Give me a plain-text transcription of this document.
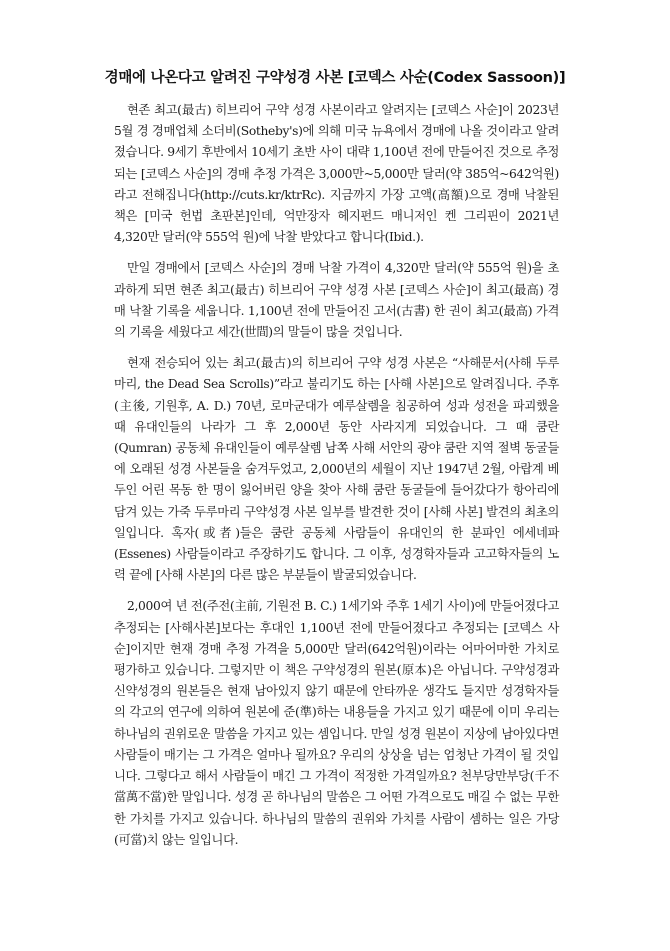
경매에 나온다고 알려진 구약성경 사본 [코덱스 사순(Codex Sassoon)]

현존 최고(最古) 히브리어 구약 성경 사본이라고 알려지는 [코덱스 사순]이 2023년 5월 경 경매업체 소더비(Sotheby's)에 의해 미국 뉴욕에서 경매에 나올 것이라고 알려졌습니다. 9세기 후반에서 10세기 초반 사이 대략 1,100년 전에 만들어진 것으로 추정되는 [코덱스 사순]의 경매 추정 가격은 3,000만~5,000만 달러(약 385억~642억원)라고 전해집니다(http://cuts.kr/ktrRc). 지금까지 가장 고액(高額)으로 경매 낙찰된 책은 [미국 헌법 초판본]인데, 억만장자 헤지펀드 매니저인 켄 그리핀이 2021년 4,320만 달러(약 555억 원)에 낙찰 받았다고 합니다(Ibid.).

만일 경매에서 [코덱스 사순]의 경매 낙찰 가격이 4,320만 달러(약 555억 원)을 초과하게 되면 현존 최고(最古) 히브리어 구약 성경 사본 [코덱스 사순]이 최고(最高) 경매 낙찰 기록을 세웁니다. 1,100년 전에 만들어진 고서(古書) 한 권이 최고(最高) 가격의 기록을 세웠다고 세간(世間)의 말들이 많을 것입니다.

현재 전승되어 있는 최고(最古)의 히브리어 구약 성경 사본은 “사해문서(사해 두루마리, the Dead Sea Scrolls)”라고 불리기도 하는 [사해 사본]으로 알려집니다. 주후(主後, 기원후, A. D.) 70년, 로마군대가 예루살렘을 침공하여 성과 성전을 파괴했을 때 유대인들의 나라가 그 후 2,000년 동안 사라지게 되었습니다. 그 때 쿰란(Qumran) 공동체 유대인들이 예루살렘 남쪽 사해 서안의 광야 쿰란 지역 절벽 동굴들에 오래된 성경 사본들을 숨겨두었고, 2,000년의 세월이 지난 1947년 2월, 아랍계 베두인 어린 목동 한 명이 잃어버린 양을 찾아 사해 쿰란 동굴들에 들어갔다가 항아리에 담겨 있는 가죽 두루마리 구약성경 사본 일부를 발견한 것이 [사해 사본] 발견의 최초의 일입니다. 혹자(或者)들은 쿰란 공동체 사람들이 유대인의 한 분파인 에세네파(Essenes) 사람들이라고 주장하기도 합니다. 그 이후, 성경학자들과 고고학자들의 노력 끝에 [사해 사본]의 다른 많은 부분들이 발굴되었습니다.

2,000여 년 전(주전(主前, 기원전 B. C.) 1세기와 주후 1세기 사이)에 만들어졌다고 추정되는 [사해사본]보다는 후대인 1,100년 전에 만들어졌다고 추정되는 [코덱스 사순]이지만 현재 경매 추정 가격을 5,000만 달러(642억원)이라는 어마어마한 가치로 평가하고 있습니다. 그렇지만 이 책은 구약성경의 원본(原本)은 아닙니다. 구약성경과 신약성경의 원본들은 현재 남아있지 않기 때문에 안타까운 생각도 들지만 성경학자들의 각고의 연구에 의하여 원본에 준(準)하는 내용들을 가지고 있기 때문에 이미 우리는 하나님의 권위로운 말씀을 가지고 있는 셈입니다. 만일 성경 원본이 지상에 남아있다면 사람들이 매기는 그 가격은 얼마나 될까요? 우리의 상상을 넘는 엄청난 가격이 될 것입니다. 그렇다고 해서 사람들이 매긴 그 가격이 적정한 가격일까요? 천부당만부당(千不當萬不當)한 말입니다. 성경 곧 하나님의 말씀은 그 어떤 가격으로도 매길 수 없는 무한한 가치를 가지고 있습니다. 하나님의 말씀의 권위와 가치를 사람이 셈하는 일은 가당(可當)치 않는 일입니다.
